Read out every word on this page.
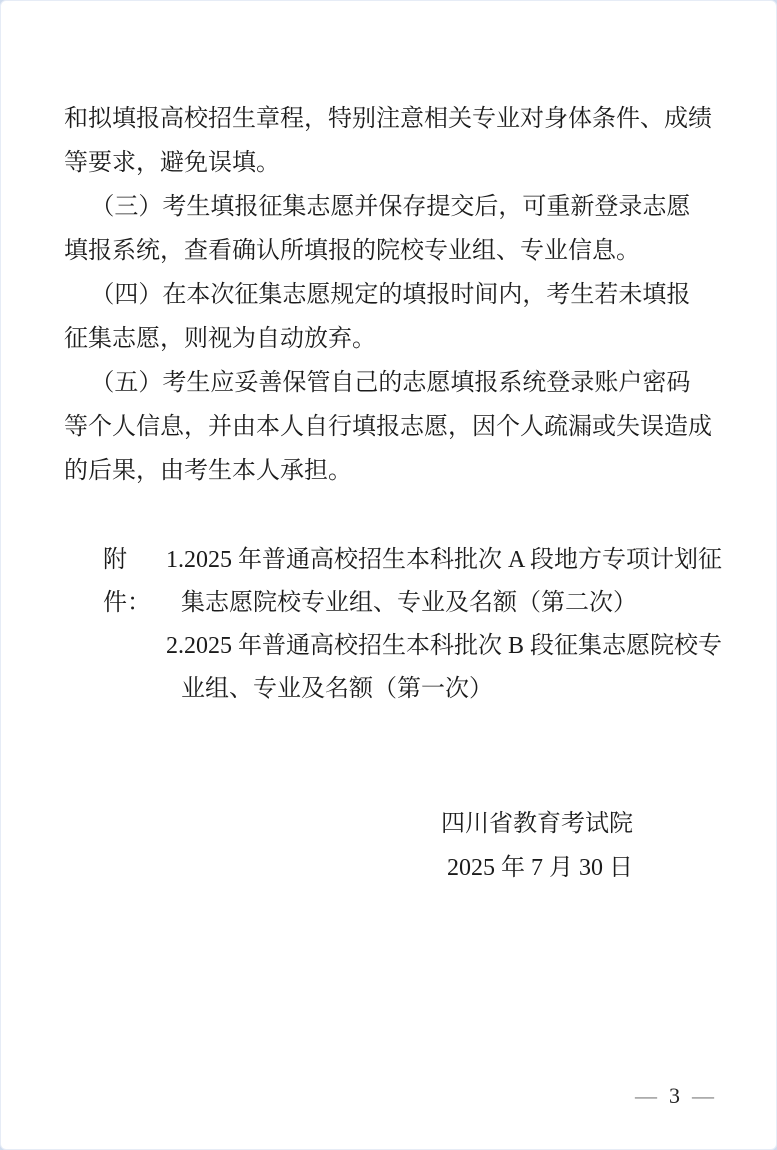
和拟填报高校招生章程，特别注意相关专业对身体条件、成绩
等要求，避免误填。
（三）考生填报征集志愿并保存提交后，可重新登录志愿
填报系统，查看确认所填报的院校专业组、专业信息。
（四）在本次征集志愿规定的填报时间内，考生若未填报
征集志愿，则视为自动放弃。
（五）考生应妥善保管自己的志愿填报系统登录账户密码
等个人信息，并由本人自行填报志愿，因个人疏漏或失误造成
的后果，由考生本人承担。
附件：
1.2025 年普通高校招生本科批次 A 段地方专项计划征
集志愿院校专业组、专业及名额（第二次）
2.2025 年普通高校招生本科批次 B 段征集志愿院校专
业组、专业及名额（第一次）
四川省教育考试院
2025 年 7 月 30 日
— 3 —
